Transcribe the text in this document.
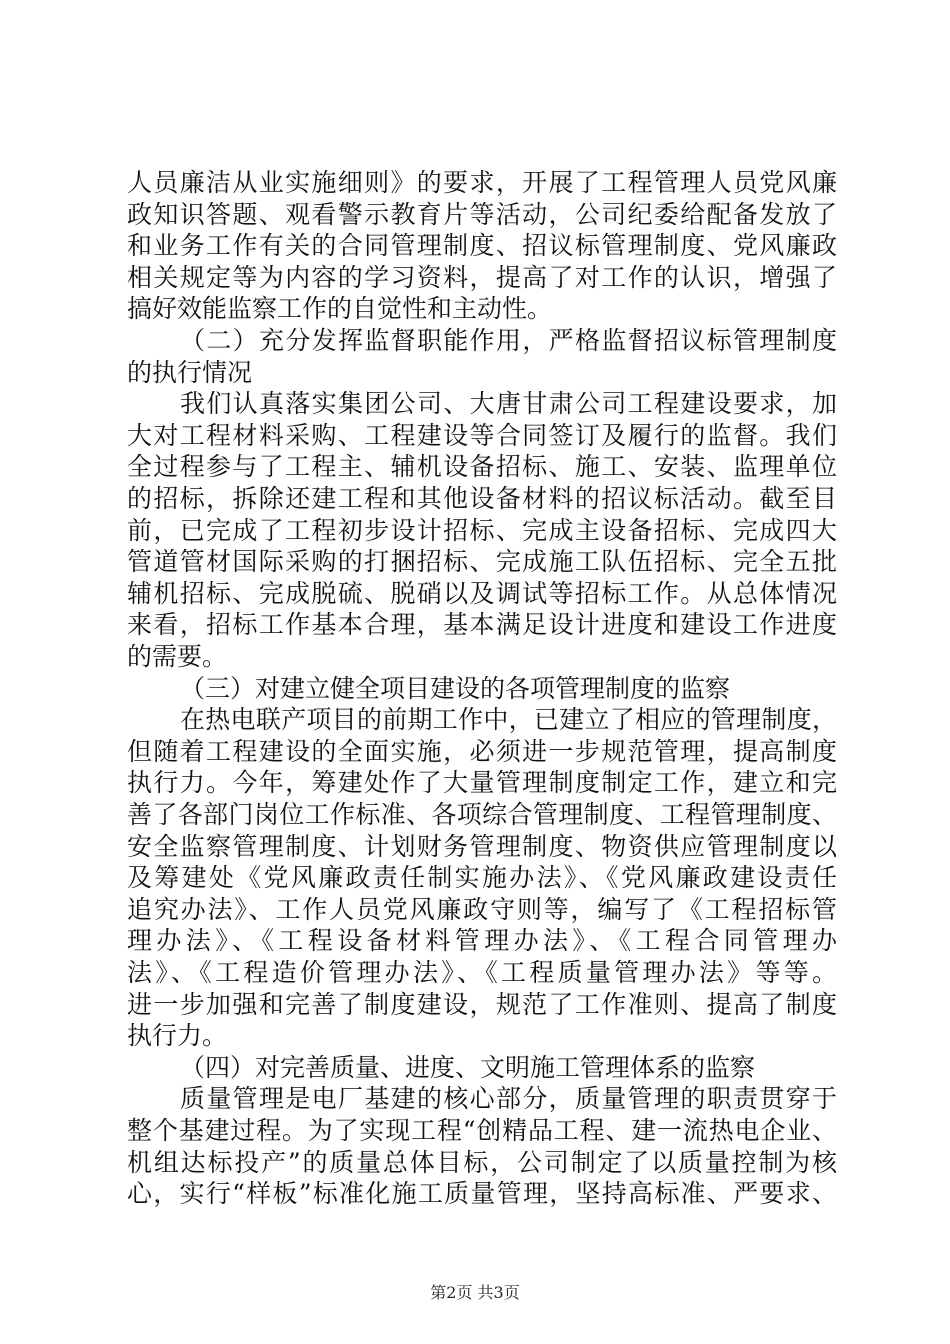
人员廉洁从业实施细则》的要求，开展了工程管理人员党风廉
政知识答题、观看警示教育片等活动，公司纪委给配备发放了
和业务工作有关的合同管理制度、招议标管理制度、党风廉政
相关规定等为内容的学习资料，提高了对工作的认识，增强了
搞好效能监察工作的自觉性和主动性。
（二）充分发挥监督职能作用，严格监督招议标管理制度
的执行情况
我们认真落实集团公司、大唐甘肃公司工程建设要求，加
大对工程材料采购、工程建设等合同签订及履行的监督。我们
全过程参与了工程主、辅机设备招标、施工、安装、监理单位
的招标，拆除还建工程和其他设备材料的招议标活动。截至目
前，已完成了工程初步设计招标、完成主设备招标、完成四大
管道管材国际采购的打捆招标、完成施工队伍招标、完全五批
辅机招标、完成脱硫、脱硝以及调试等招标工作。从总体情况
来看，招标工作基本合理，基本满足设计进度和建设工作进度
的需要。
（三）对建立健全项目建设的各项管理制度的监察
在热电联产项目的前期工作中，已建立了相应的管理制度，
但随着工程建设的全面实施，必须进一步规范管理，提高制度
执行力。今年，筹建处作了大量管理制度制定工作，建立和完
善了各部门岗位工作标准、各项综合管理制度、工程管理制度、
安全监察管理制度、计划财务管理制度、物资供应管理制度以
及筹建处《党风廉政责任制实施办法》、《党风廉政建设责任
追究办法》、工作人员党风廉政守则等，编写了《工程招标管
理办法》、《工程设备材料管理办法》、《工程合同管理办
法》、《工程造价管理办法》、《工程质量管理办法》等等。
进一步加强和完善了制度建设，规范了工作准则、提高了制度
执行力。
（四）对完善质量、进度、文明施工管理体系的监察
质量管理是电厂基建的核心部分，质量管理的职责贯穿于
整个基建过程。为了实现工程“创精品工程、建一流热电企业、
机组达标投产”的质量总体目标，公司制定了以质量控制为核
心，实行“样板”标准化施工质量管理，坚持高标准、严要求、
第2页 共3页
